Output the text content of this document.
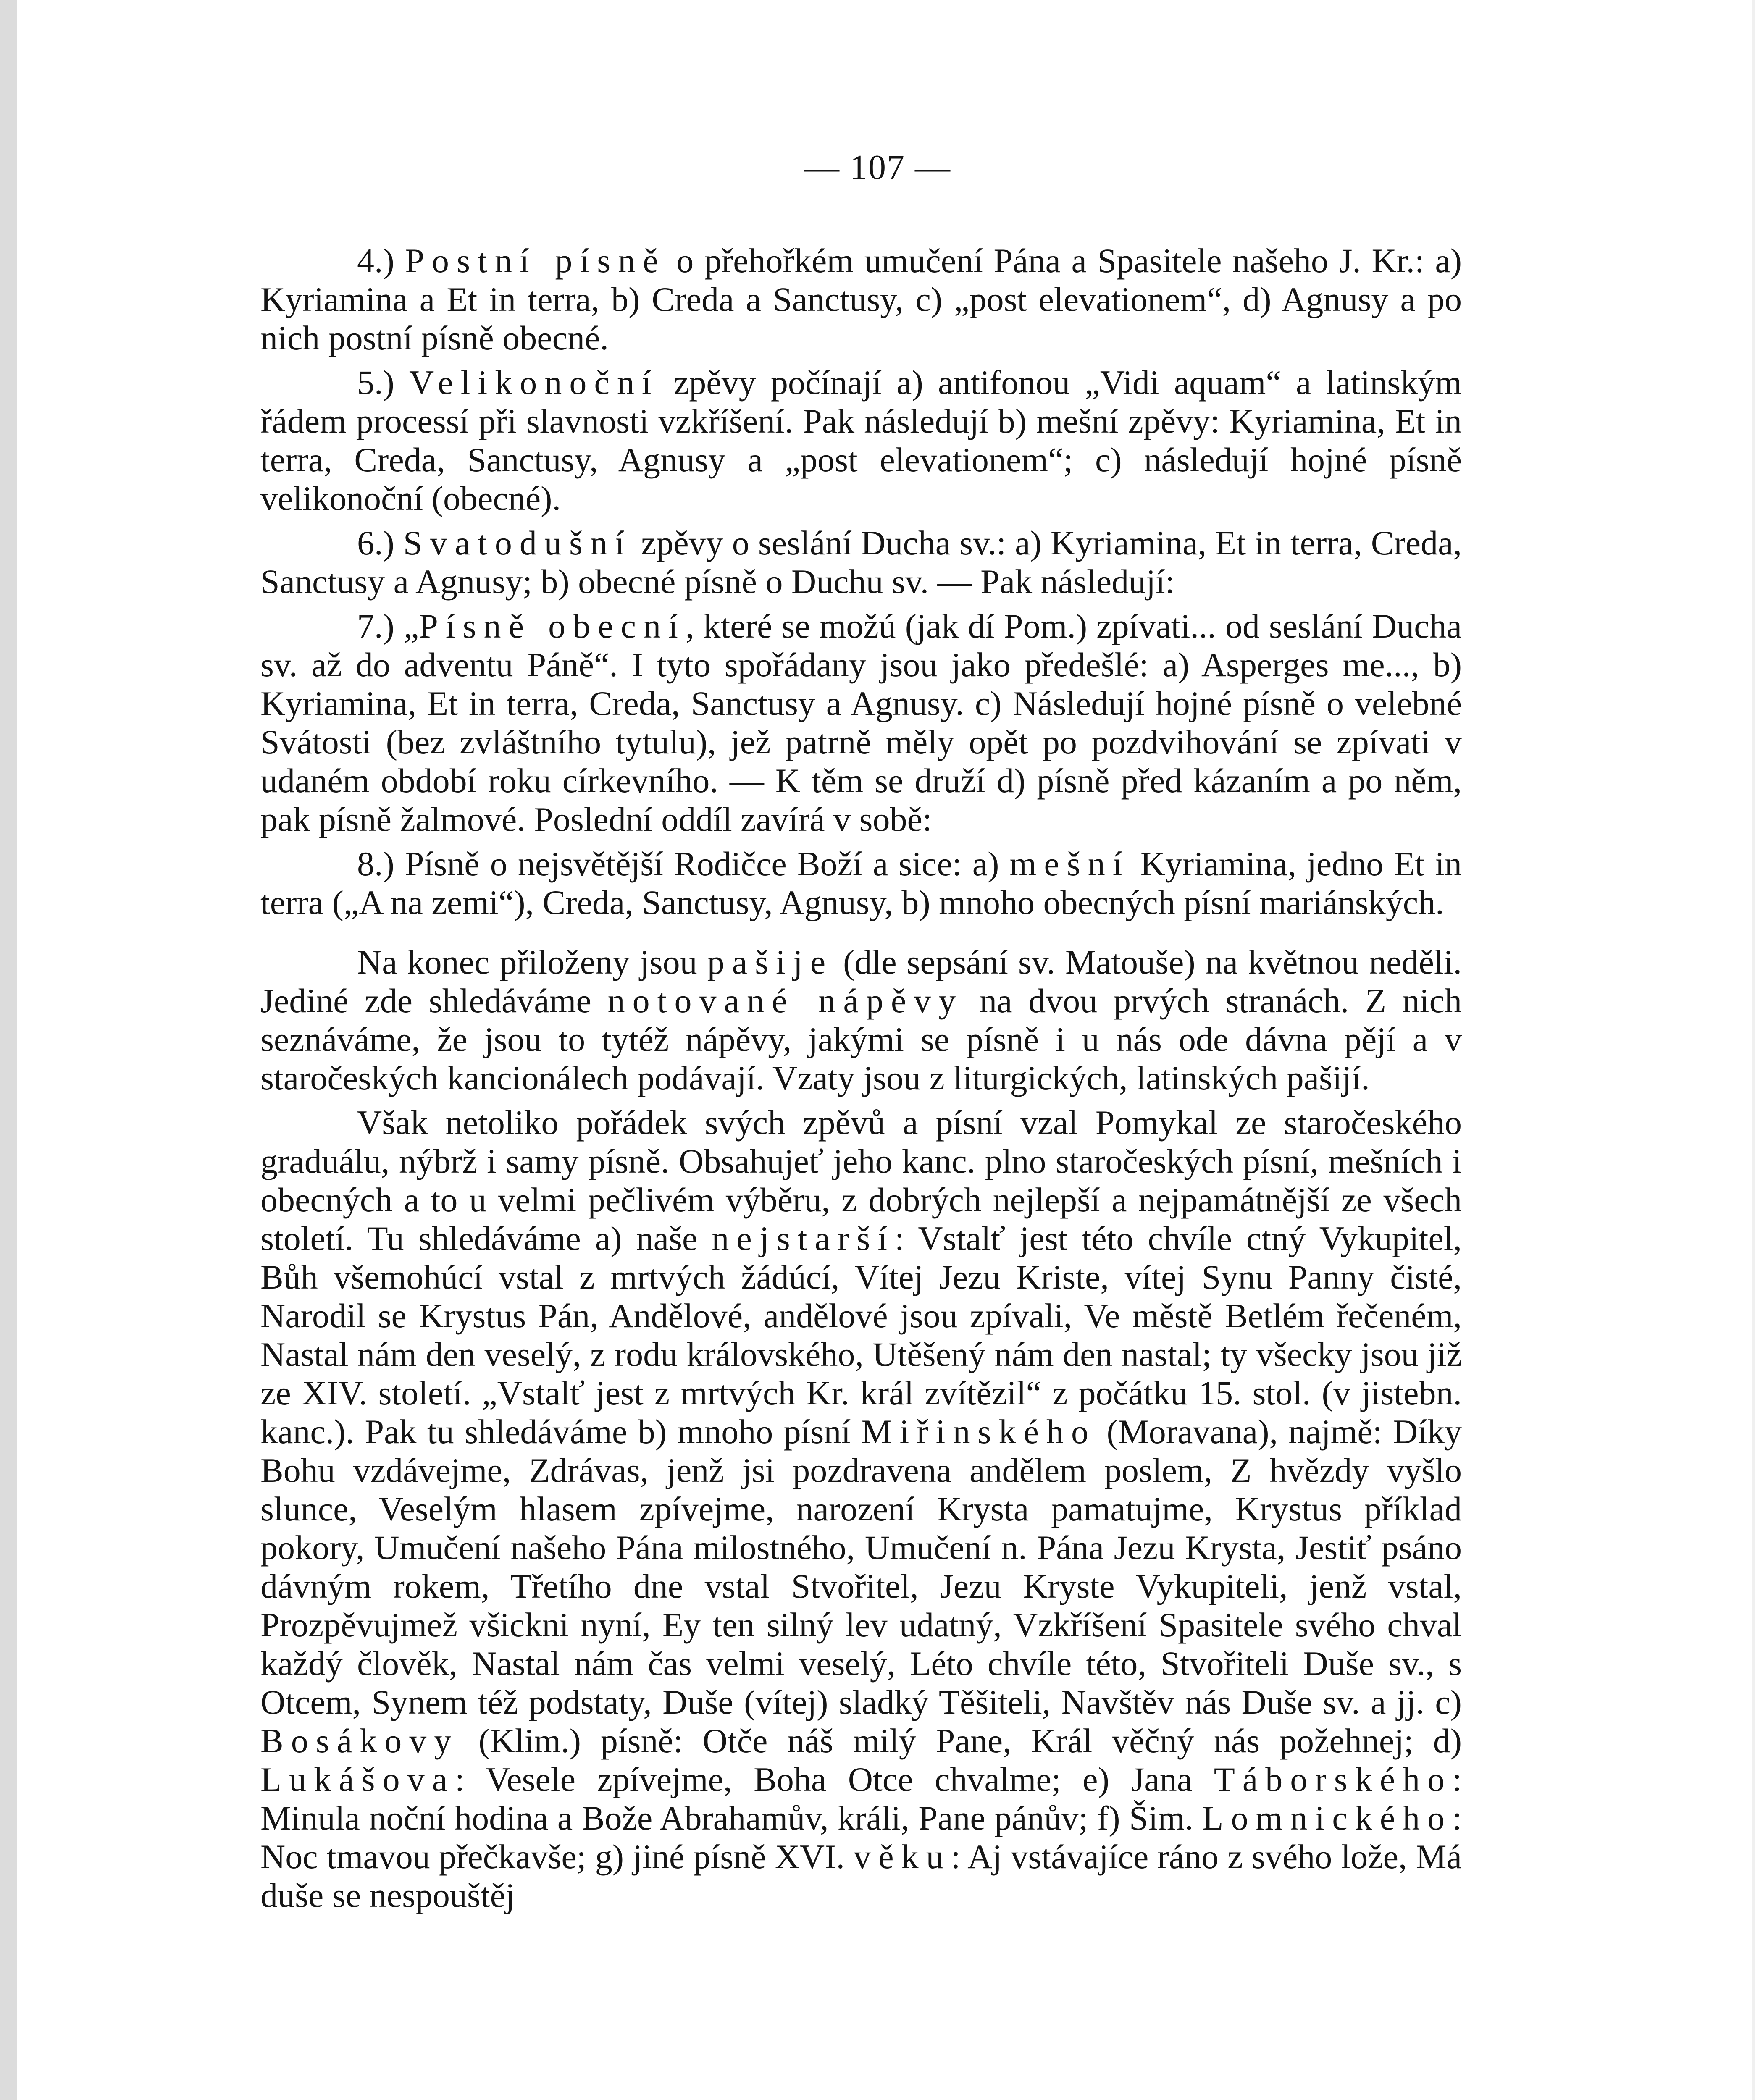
— 107 —

4.) Postní písně o přehořkém umučení Pána a Spasitele našeho J. Kr.: a) Kyriamina a Et in terra, b) Creda a Sanctusy, c) „post elevationem“, d) Agnusy a po nich postní písně obecné.

5.) Velikonoční zpěvy počínají a) antifonou „Vidi aquam“ a latinským řádem processí při slavnosti vzkříšení. Pak následují b) mešní zpěvy: Kyriamina, Et in terra, Creda, Sanctusy, Agnusy a „post elevationem“; c) následují hojné písně velikonoční (obecné).

6.) Svatodušní zpěvy o seslání Ducha sv.: a) Kyriamina, Et in terra, Creda, Sanctusy a Agnusy; b) obecné písně o Duchu sv. — Pak následují:

7.) „Písně obecní, které se možú (jak dí Pom.) zpívati... od seslání Ducha sv. až do adventu Páně“. I tyto spořádany jsou jako předešlé: a) Asperges me..., b) Kyriamina, Et in terra, Creda, Sanctusy a Agnusy. c) Následují hojné písně o velebné Svátosti (bez zvláštního tytulu), jež patrně měly opět po pozdvihování se zpívati v udaném období roku církevního. — K těm se druží d) písně před kázaním a po něm, pak písně žalmové. Poslední oddíl zavírá v sobě:

8.) Písně o nejsvětější Rodičce Boží a sice: a) mešní Kyriamina, jedno Et in terra („A na zemi“), Creda, Sanctusy, Agnusy, b) mnoho obecných písní mariánských.

Na konec přiloženy jsou pašije (dle sepsání sv. Matouše) na květnou neděli. Jediné zde shledáváme notované nápěvy na dvou prvých stranách. Z nich seznáváme, že jsou to tytéž nápěvy, jakými se písně i u nás ode dávna pějí a v staročeských kancionálech podávají. Vzaty jsou z liturgických, latinských pašijí.

Však netoliko pořádek svých zpěvů a písní vzal Pomykal ze staročeského graduálu, nýbrž i samy písně. Obsahujeť jeho kanc. plno staročeských písní, mešních i obecných a to u velmi pečlivém výběru, z dobrých nejlepší a nejpamátnější ze všech století. Tu shledáváme a) naše nejstarší: Vstalť jest této chvíle ctný Vykupitel, Bůh všemohúcí vstal z mrtvých žádúcí, Vítej Jezu Kriste, vítej Synu Panny čisté, Narodil se Krystus Pán, Andělové, andělové jsou zpívali, Ve městě Betlém řečeném, Nastal nám den veselý, z rodu královského, Utěšený nám den nastal; ty všecky jsou již ze XIV. století. „Vstalť jest z mrtvých Kr. král zvítězil“ z počátku 15. stol. (v jistebn. kanc.). Pak tu shledáváme b) mnoho písní Miřinského (Moravana), najmě: Díky Bohu vzdávejme, Zdrávas, jenž jsi pozdravena andělem poslem, Z hvězdy vyšlo slunce, Veselým hlasem zpívejme, narození Krysta pamatujme, Krystus příklad pokory, Umučení našeho Pána milostného, Umučení n. Pána Jezu Krysta, Jestiť psáno dávným rokem, Třetího dne vstal Stvořitel, Jezu Kryste Vykupiteli, jenž vstal, Prozpěvujmež všickni nyní, Ey ten silný lev udatný, Vzkříšení Spasitele svého chval každý člověk, Nastal nám čas velmi veselý, Léto chvíle této, Stvořiteli Duše sv., s Otcem, Synem též podstaty, Duše (vítej) sladký Těšiteli, Navštěv nás Duše sv. a jj. c) Bosákovy (Klim.) písně: Otče náš milý Pane, Král věčný nás požehnej; d) Lukášova: Vesele zpívejme, Boha Otce chvalme; e) Jana Táborského: Minula noční hodina a Bože Abrahamův, králi, Pane pánův; f) Šim. Lomnického: Noc tmavou přečkavše; g) jiné písně XVI. věku: Aj vstávajíce ráno z svého lože, Má duše se nespouštěj
